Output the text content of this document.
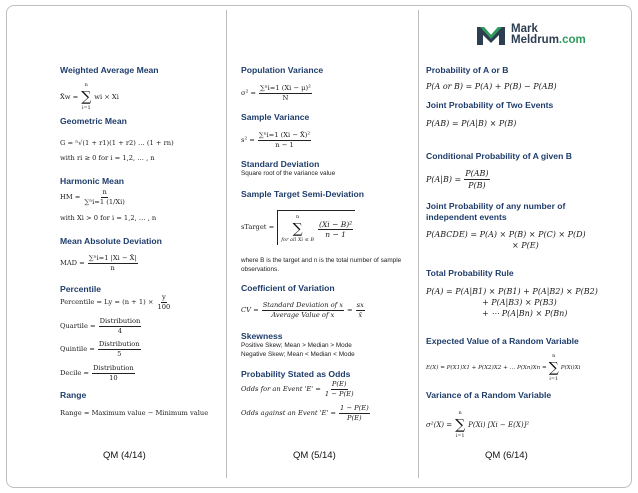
Mark
Meldrum.com
Weighted Average Mean
X̄w =
n
∑
i=1
wi × Xi
Geometric Mean
G = ⁿ√(1 + r1)(1 + r2) … (1 + rn)
with ri ≥ 0 for i = 1,2, … , n
Harmonic Mean
HM = $\frac{n}{\text{∑ⁿi=1 (1/Xi)}}$
with Xi > 0 for i = 1,2, … , n
Mean Absolute Deviation
MAD = $\frac{\text{∑ⁿi=1 |Xi − X̄|}}{n}$
Percentile
Percentile = $Ly = (n + 1) \times \frac{y}{100}$
Quartile = $\frac{\text{Distribution}}{4}$
Quintile = $\frac{\text{Distribution}}{5}$
Decile = $\frac{\text{Distribution}}{10}$
Range
Range = Maximum value − Minimum value
Population Variance
$\sigma^2 = \frac{\text{∑ⁿi=1 (Xi − μ)²}}{N}$
Sample Variance
$s^2 = \frac{\text{∑ⁿi=1 (Xi − X̄)²}}{n - 1}$
Standard Deviation
Square root of the variance value
Sample Target Semi-Deviation
sTarget =
n
∑
for all Xi ≤ B
$\frac{\text{(Xi − B)²}}{n - 1}$
where B is the target and n is the total number of sample observations.
Coefficient of Variation
CV = $\frac{\text{Standard Deviation of x}}{\text{Average Value of x}} = \frac{sx}{x̄}$
Skewness
Positive Skew; Mean > Median > Mode
Negative Skew; Mean < Median < Mode
Probability Stated as Odds
Odds for an Event '$E' = \frac{P(E)}{1 - P(E)}$
Odds against an Event '$E' = \frac{1 - P(E)}{P(E)}$
Probability of A or B
P(A or B) = P(A) + P(B) − P(AB)
Joint Probability of Two Events
P(AB) = P(A|B) × P(B)
Conditional Probability of A given B
$P(A|B) = \frac{P(AB)}{P(B)}$
Joint Probability of any number of independent events
P(ABCDE) = P(A) × P(B) × P(C) × P(D)
× P(E)
Total Probability Rule
P(A) = P(A|B1) × P(B1) + P(A|B2) × P(B2)
+ P(A|B3) × P(B3)
+ ⋯ P(A|Bn) × P(Bn)
Expected Value of a Random Variable
E(X) = P(X1)X1 + P(X2)X2 + … P(Xn)Xn =
n
∑
i=1
P(Xi)Xi
Variance of a Random Variable
σ²(X) =
n
∑
i=1
P(Xi) [Xi − E(X)]²
QM (4/14)	QM (5/14)	QM (6/14)
